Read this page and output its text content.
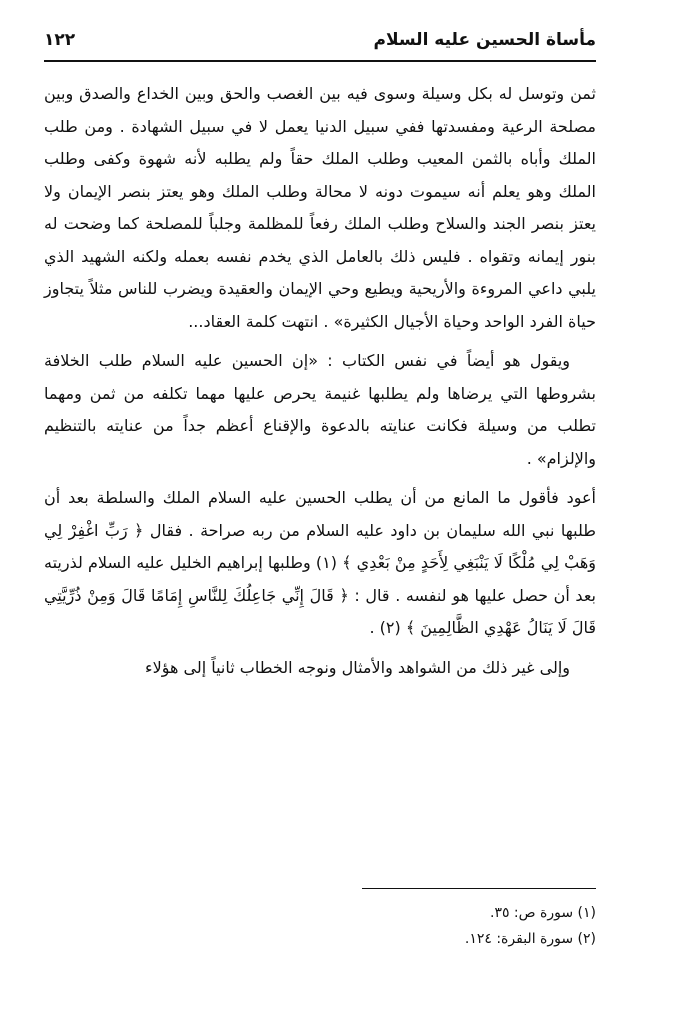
مأساة الحسين عليه السلام
١٢٢

ثمن وتوسل له بكل وسيلة وسوى فيه بين الغصب والحق وبين الخداع والصدق وبين مصلحة الرعية ومفسدتها ففي سبيل الدنيا يعمل لا في سبيل الشهادة . ومن طلب الملك وأباه بالثمن المعيب وطلب الملك حقاً ولم يطلبه لأنه شهوة وكفى وطلب الملك وهو يعلم أنه سيموت دونه لا محالة وطلب الملك وهو يعتز بنصر الإيمان ولا يعتز بنصر الجند والسلاح وطلب الملك رفعاً للمظلمة وجلباً للمصلحة كما وضحت له بنور إيمانه وتقواه . فليس ذلك بالعامل الذي يخدم نفسه بعمله ولكنه الشهيد الذي يلبي داعي المروءة والأريحية ويطيع وحي الإيمان والعقيدة ويضرب للناس مثلاً يتجاوز حياة الفرد الواحد وحياة الأجيال الكثيرة» . انتهت كلمة العقاد...

ويقول هو أيضاً في نفس الكتاب : «إن الحسين عليه السلام طلب الخلافة بشروطها التي يرضاها ولم يطلبها غنيمة يحرص عليها مهما تكلفه من ثمن ومهما تطلب من وسيلة فكانت عنايته بالدعوة والإقناع أعظم جداً من عنايته بالتنظيم والإلزام» .

أعود فأقول ما المانع من أن يطلب الحسين عليه السلام الملك والسلطة بعد أن طلبها نبي الله سليمان بن داود عليه السلام من ربه صراحة . فقال ﴿ رَبِّ اغْفِرْ لِي وَهَبْ لِي مُلْكًا لَا يَنْبَغِي لِأَحَدٍ مِنْ بَعْدِي ﴾ (١) وطلبها إبراهيم الخليل عليه السلام لذريته بعد أن حصل عليها هو لنفسه . قال : ﴿ قَالَ إِنِّي جَاعِلُكَ لِلنَّاسِ إِمَامًا قَالَ وَمِنْ ذُرِّيَّتِي قَالَ لَا يَنَالُ عَهْدِي الظَّالِمِينَ ﴾ (٢) .

وإلى غير ذلك من الشواهد والأمثال ونوجه الخطاب ثانياً إلى هؤلاء

(١) سورة ص: ٣٥.
(٢) سورة البقرة: ١٢٤.
